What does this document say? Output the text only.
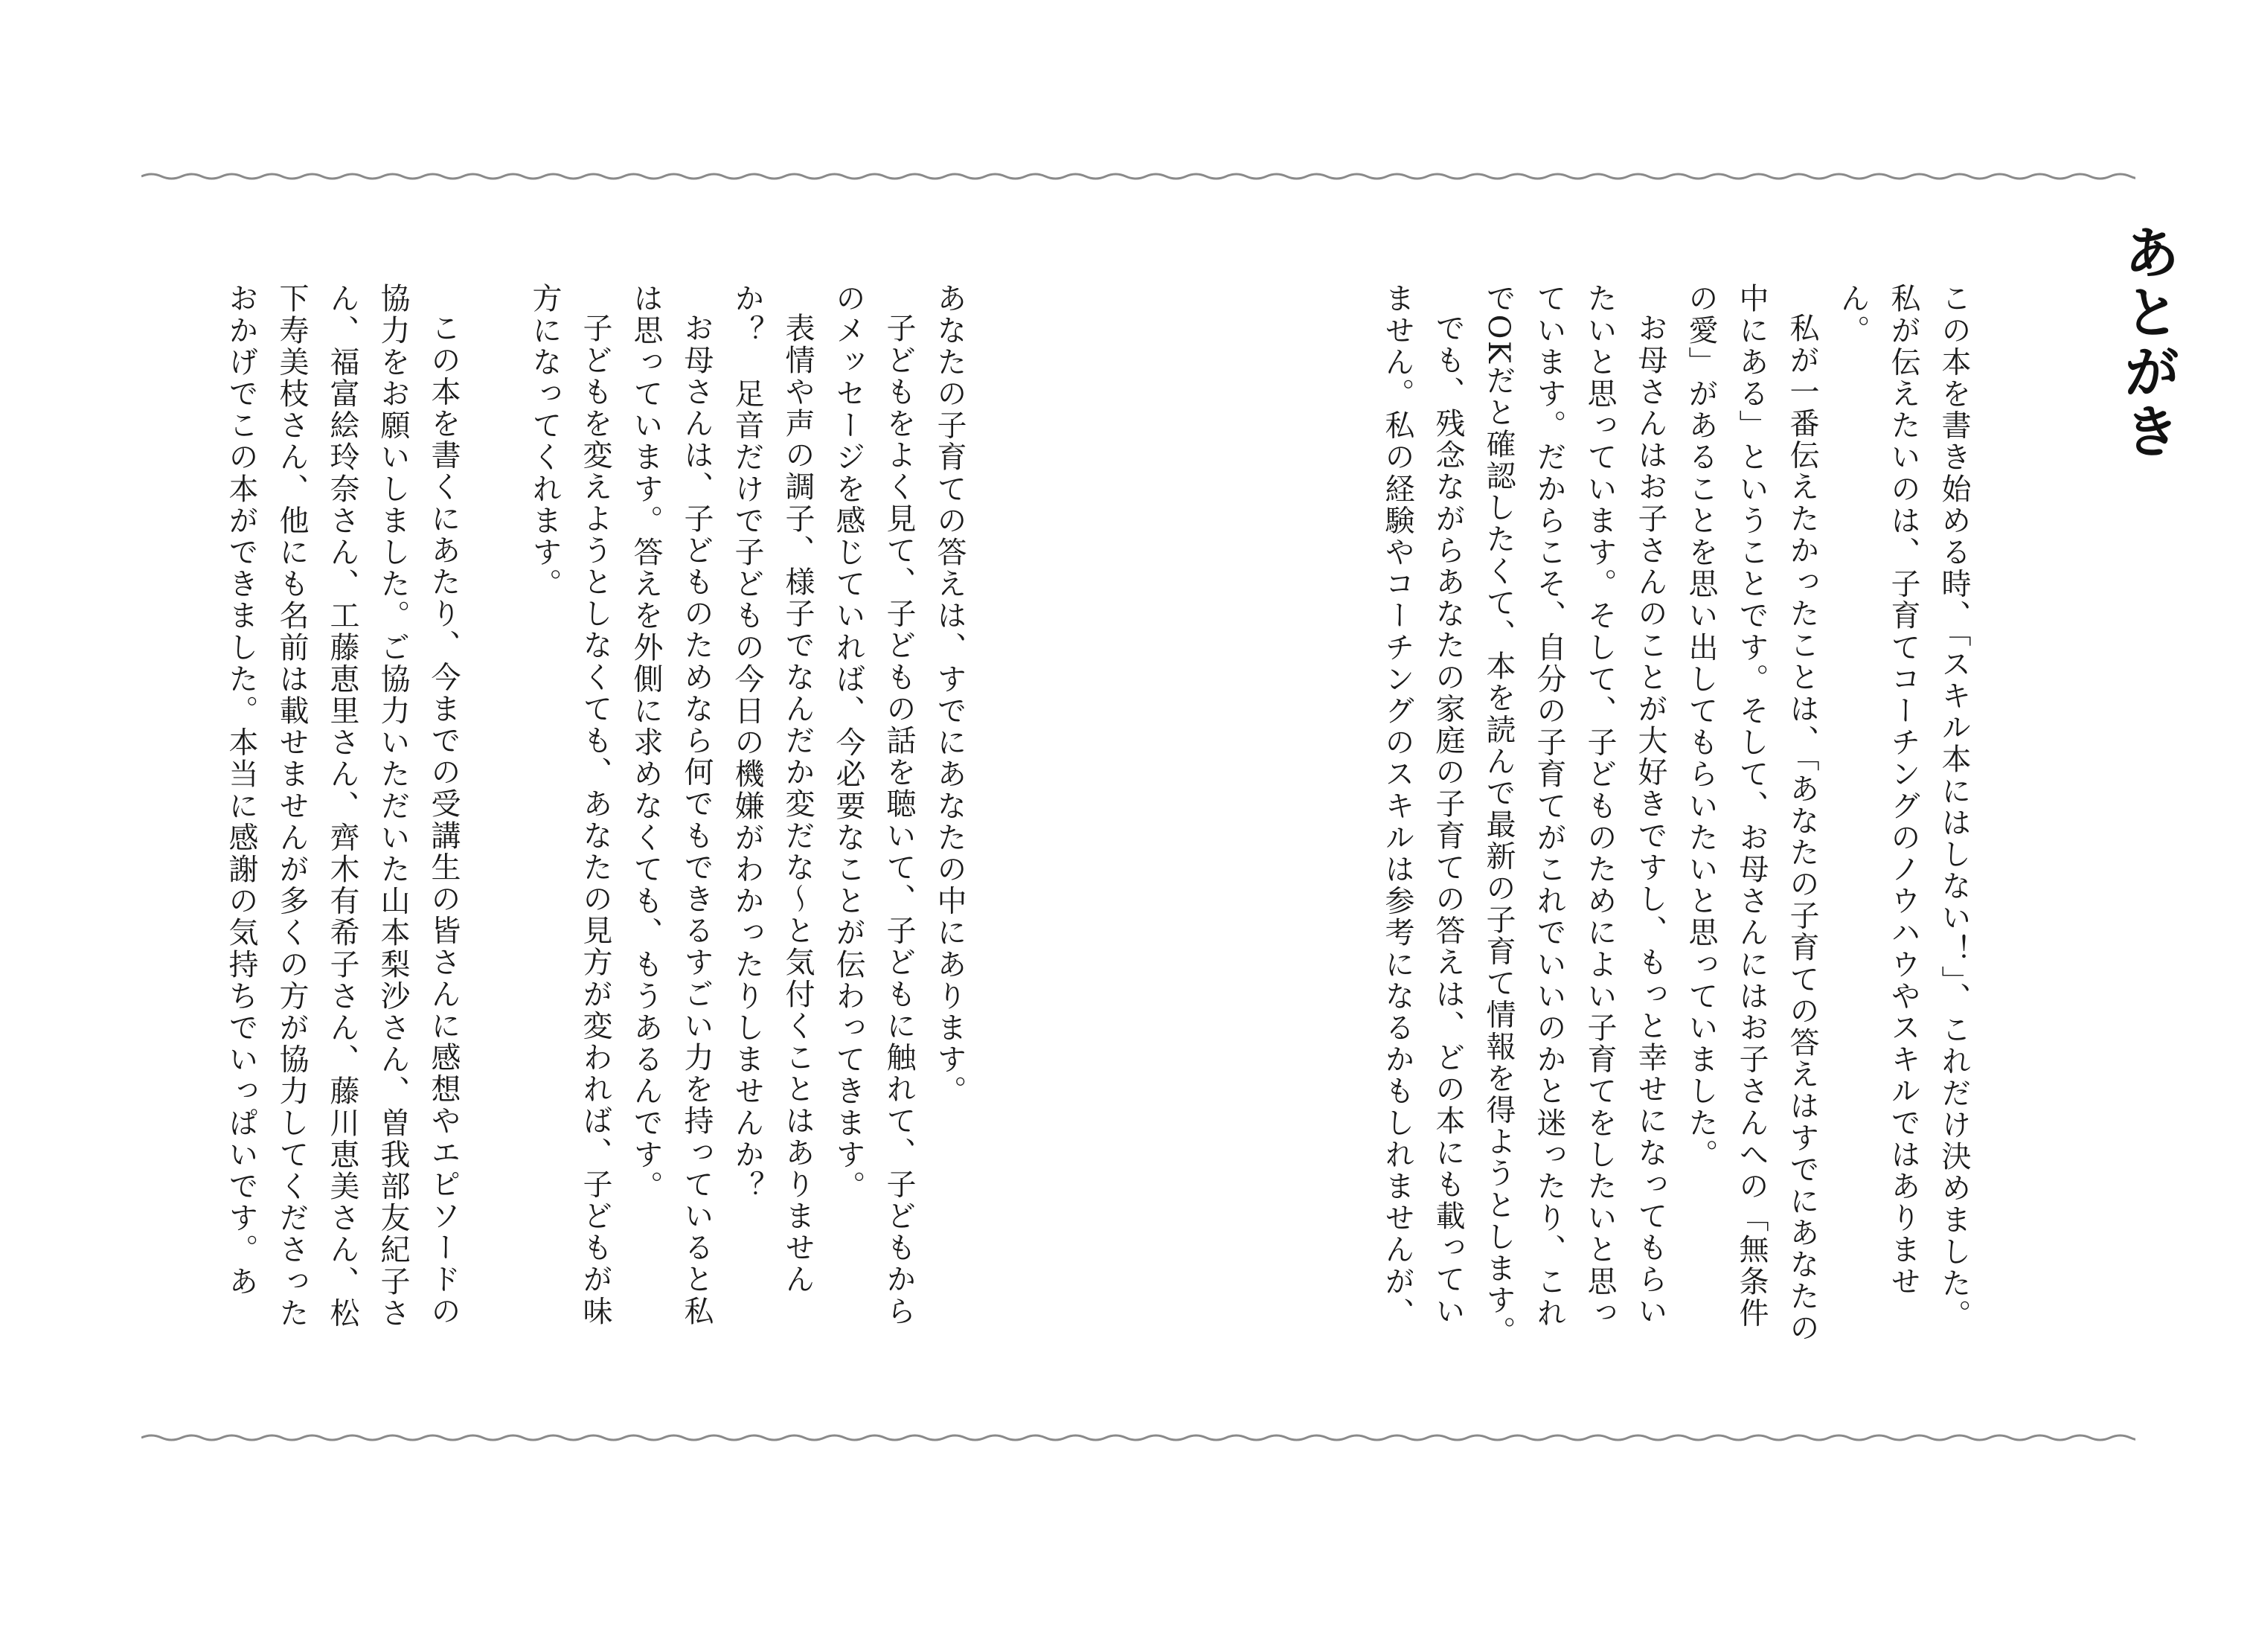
あとがき

この本を書き始める時、「スキル本にはしない！」、これだけ決めました。私が伝えたいのは、子育てコーチングのノウハウやスキルではありません。

私が一番伝えたかったことは、「あなたの子育ての答えはすでにあなたの中にある」ということです。そして、お母さんにはお子さんへの「無条件の愛」があることを思い出してもらいたいと思っていました。

お母さんはお子さんのことが大好きですし、もっと幸せになってもらいたいと思っています。そして、子どものためによい子育てをしたいと思っています。だからこそ、自分の子育てがこれでいいのかと迷ったり、これでOKだと確認したくて、本を読んで最新の子育て情報を得ようとします。

でも、残念ながらあなたの家庭の子育ての答えは、どの本にも載っていません。私の経験やコーチングのスキルは参考になるかもしれませんが、

あなたの子育ての答えは、すでにあなたの中にあります。

子どもをよく見て、子どもの話を聴いて、子どもに触れて、子どもからのメッセージを感じていれば、今必要なことが伝わってきます。

表情や声の調子、様子でなんだか変だな～と気付くことはありませんか？　足音だけで子どもの今日の機嫌がわかったりしませんか？

お母さんは、子どものためなら何でもできるすごい力を持っていると私は思っています。答えを外側に求めなくても、もうあるんです。

子どもを変えようとしなくても、あなたの見方が変われば、子どもが味方になってくれます。

この本を書くにあたり、今までの受講生の皆さんに感想やエピソードの協力をお願いしました。ご協力いただいた山本梨沙さん、曽我部友紀子さん、福富絵玲奈さん、工藤恵里さん、齊木有希子さん、藤川恵美さん、松下寿美枝さん、他にも名前は載せませんが多くの方が協力してくださったおかげでこの本ができました。本当に感謝の気持ちでいっぱいです。あ
